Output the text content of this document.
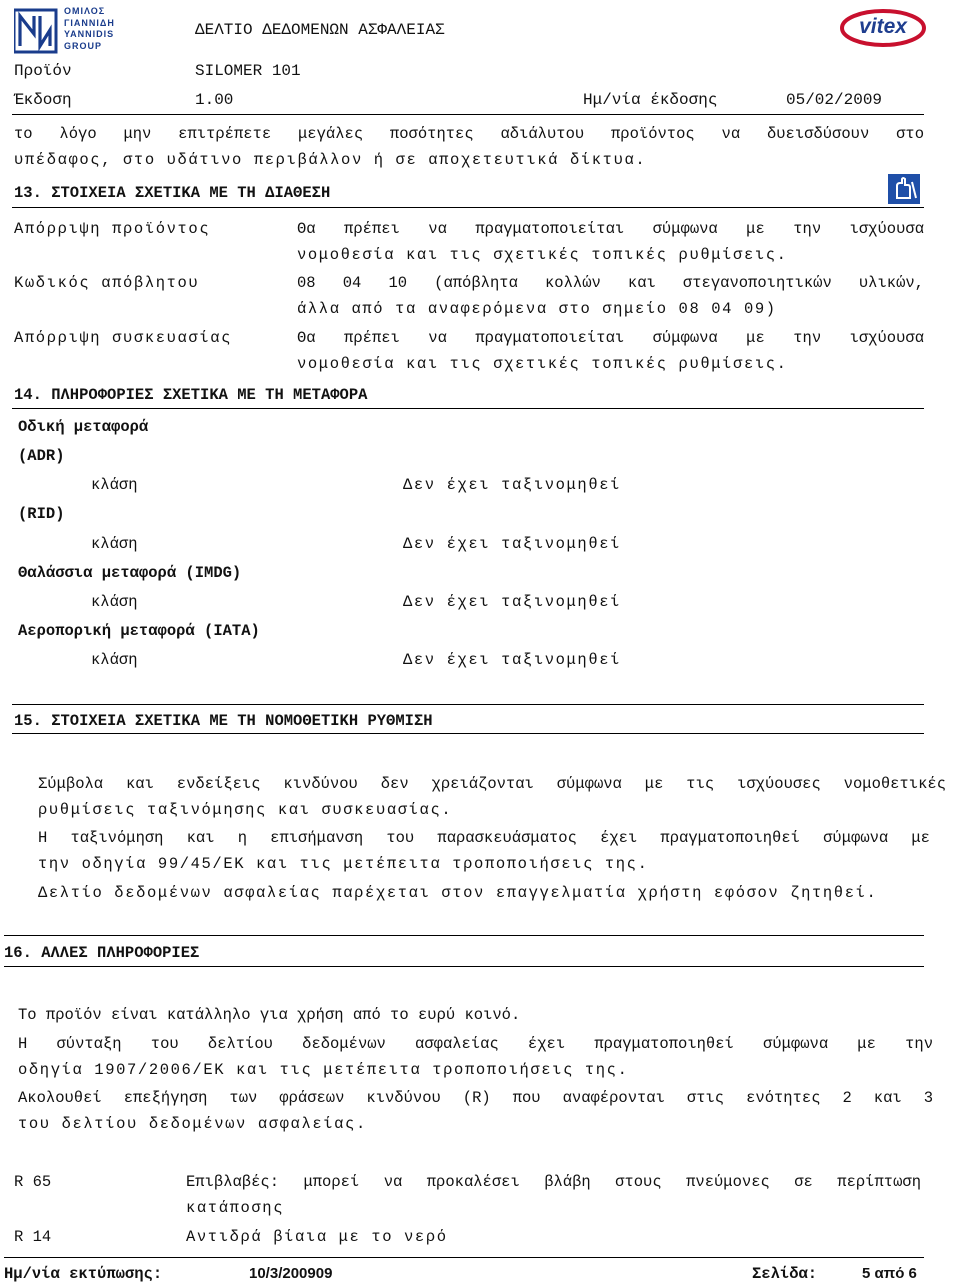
ΟΜΙΛΟΣ
ΓΙΑΝΝΙΔΗ
YANNIDIS
GROUP
ΔΕΛΤΙΟ ΔΕΔΟΜΕΝΩΝ ΑΣΦΑΛΕΙΑΣ	vitex
Προϊόν	SILOMER 101
Έκδοση	1.00	Ημ/νία έκδοσης	05/02/2009
το λόγο μην επιτρέπετε μεγάλες ποσότητες αδιάλυτου προϊόντος να δυεισδύσουν στο
υπέδαφος, στο υδάτινο περιβάλλον ή σε αποχετευτικά δίκτυα.
13. ΣΤΟΙΧΕΙΑ ΣΧΕΤΙΚΑ ΜΕ ΤΗ ΔΙΑΘΕΣΗ
Απόρριψη προϊόντος	Θα πρέπει να πραγματοποιείται σύμφωνα με την ισχύουσα
νομοθεσία και τις σχετικές τοπικές ρυθμίσεις.
Κωδικός απόβλητου	08 04 10 (απόβλητα κολλών και στεγανοποιητικών υλικών,
άλλα από τα αναφερόμενα στο σημείο 08 04 09)
Απόρριψη συσκευασίας	Θα πρέπει να πραγματοποιείται σύμφωνα με την ισχύουσα
νομοθεσία και τις σχετικές τοπικές ρυθμίσεις.
14. ΠΛΗΡΟΦΟΡΙΕΣ ΣΧΕΤΙΚΑ ΜΕ ΤΗ ΜΕΤΑΦΟΡΑ
Οδική μεταφορά
(ADR)
κλάση	Δεν έχει ταξινομηθεί
(RID)
κλάση	Δεν έχει ταξινομηθεί
Θαλάσσια μεταφορά (IMDG)
κλάση	Δεν έχει ταξινομηθεί
Αεροπορική μεταφορά (IATA)
κλάση	Δεν έχει ταξινομηθεί
15. ΣΤΟΙΧΕΙΑ ΣΧΕΤΙΚΑ ΜΕ ΤΗ ΝΟΜΟΘΕΤΙΚΗ ΡΥΘΜΙΣΗ
Σύμβολα και ενδείξεις κινδύνου δεν χρειάζονται σύμφωνα με τις ισχύουσες νομοθετικές
ρυθμίσεις ταξινόμησης και συσκευασίας.
Η ταξινόμηση και η επισήμανση του παρασκευάσματος έχει πραγματοποιηθεί σύμφωνα με
την οδηγία 99/45/ΕΚ και τις μετέπειτα τροποποιήσεις της.
Δελτίο δεδομένων ασφαλείας παρέχεται στον επαγγελματία χρήστη εφόσον ζητηθεί.
16. ΑΛΛΕΣ ΠΛΗΡΟΦΟΡΙΕΣ
Το προϊόν είναι κατάλληλο για χρήση από το ευρύ κοινό.
Η σύνταξη του δελτίου δεδομένων ασφαλείας έχει πραγματοποιηθεί σύμφωνα με την
οδηγία 1907/2006/ΕΚ και τις μετέπειτα τροποποιήσεις της.
Ακολουθεί επεξήγηση των φράσεων κινδύνου (R) που αναφέρονται στις ενότητες 2 και 3
του δελτίου δεδομένων ασφαλείας.
R 65	Επιβλαβές: μπορεί να προκαλέσει βλάβη στους πνεύμονες σε περίπτωση
κατάποσης
R 14	Αντιδρά βίαια με το νερό
Ημ/νία εκτύπωσης:	10/3/200909	Σελίδα:	5 από 6
